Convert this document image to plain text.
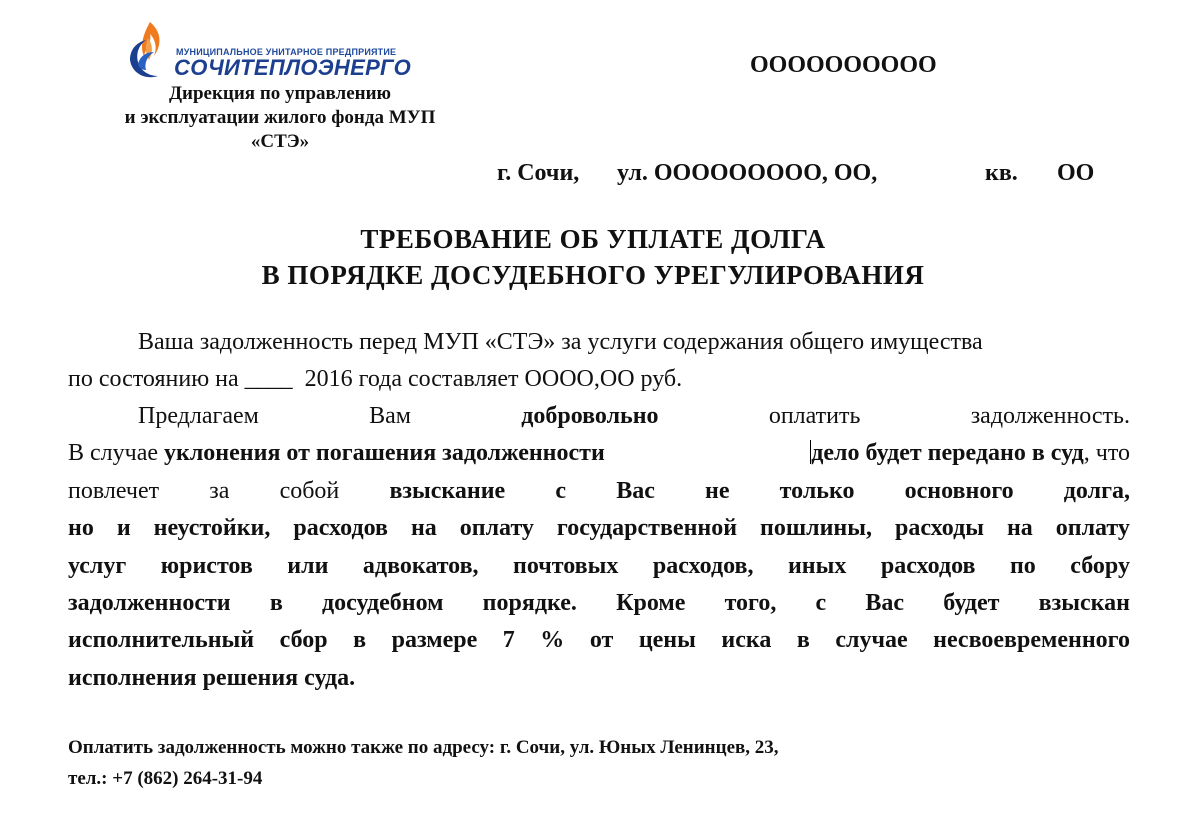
МУНИЦИПАЛЬНОЕ УНИТАРНОЕ ПРЕДПРИЯТИЕ
СОЧИТЕПЛОЭНЕРГО
Дирекция по управлению
и эксплуатации жилого фонда МУП
«СТЭ»
ОООООООООО
г. Сочи, ул. ООООООООО, ОО,	кв. ОО
ТРЕБОВАНИЕ ОБ УПЛАТЕ ДОЛГА
В ПОРЯДКЕ ДОСУДЕБНОГО УРЕГУЛИРОВАНИЯ
Ваша задолженность перед МУП «СТЭ» за услуги содержания общего имущества
по состоянию на ____  2016 года составляет ОООО,ОО руб.
Предлагаем	Вам	добровольно	оплатить	задолженность.
В случае уклонения от погашения задолженности	дело будет передано в суд, что
повлечет за собой взыскание с Вас не только основного долга,
но и неустойки, расходов на оплату государственной пошлины, расходы на оплату
услуг юристов или адвокатов, почтовых расходов, иных расходов по сбору
задолженности в досудебном порядке. Кроме того, с Вас будет взыскан
исполнительный сбор в размере 7 % от цены иска в случае несвоевременного
исполнения решения суда.
Оплатить задолженность можно также по адресу: г. Сочи, ул. Юных Ленинцев, 23,
тел.: +7 (862) 264-31-94
